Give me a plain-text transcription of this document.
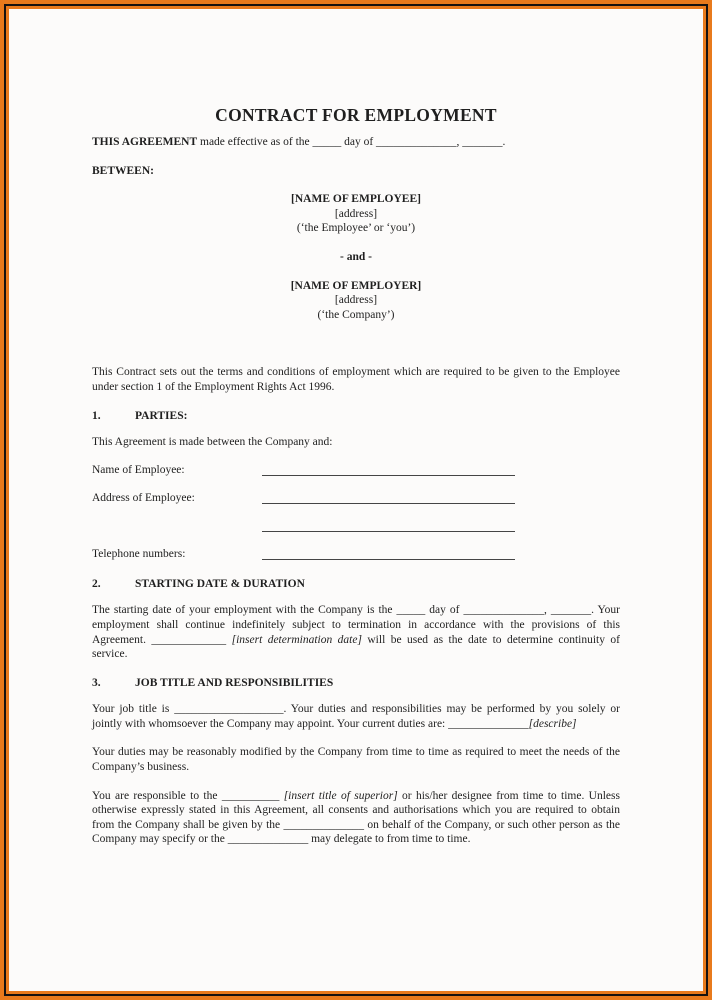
CONTRACT FOR EMPLOYMENT

THIS AGREEMENT made effective as of the _____ day of ______________, _______.

BETWEEN:

[NAME OF EMPLOYEE]
[address]
(‘the Employee’ or ‘you’)
- and -
[NAME OF EMPLOYER]
[address]
(‘the Company’)

This Contract sets out the terms and conditions of employment which are required to be given to the Employee under section 1 of the Employment Rights Act 1996.

1.	PARTIES:

This Agreement is made between the Company and:

Name of Employee:
Address of Employee:
Telephone numbers:
2.	STARTING DATE & DURATION

The starting date of your employment with the Company is the _____ day of ______________, _______. Your employment shall continue indefinitely subject to termination in accordance with the provisions of this Agreement. _____________ [insert determination date] will be used as the date to determine continuity of service.

3.	JOB TITLE AND RESPONSIBILITIES

Your job title is ___________________. Your duties and responsibilities may be performed by you solely or jointly with whomsoever the Company may appoint. Your current duties are: ______________[describe]

Your duties may be reasonably modified by the Company from time to time as required to meet the needs of the Company’s business.

You are responsible to the __________ [insert title of superior] or his/her designee from time to time. Unless otherwise expressly stated in this Agreement, all consents and authorisations which you are required to obtain from the Company shall be given by the ______________ on behalf of the Company, or such other person as the Company may specify or the ______________ may delegate to from time to time.
